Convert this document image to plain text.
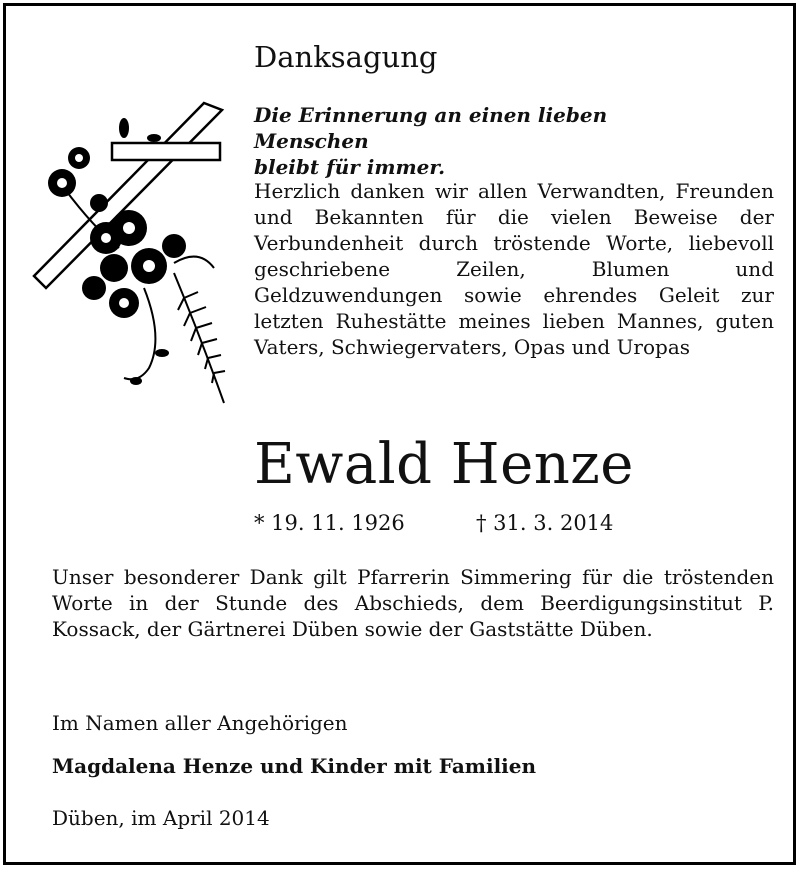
Danksagung
Die Erinnerung an einen lieben Menschen
bleibt für immer.
Herzlich danken wir allen Verwandten, Freunden und Bekannten für die vielen Beweise der Verbundenheit durch tröstende Worte, liebevoll geschriebene Zeilen, Blumen und Geldzuwendungen sowie ehrendes Geleit zur letzten Ruhestätte meines lieben Mannes, guten Vaters, Schwiegervaters, Opas und Uropas
Ewald Henze
* 19. 11. 1926	† 31. 3. 2014
Unser besonderer Dank gilt Pfarrerin Simmering für die tröstenden Worte in der Stunde des Abschieds, dem Beerdigungsinstitut P. Kossack, der Gärtnerei Düben sowie der Gaststätte Düben.
Im Namen aller Angehörigen
Magdalena Henze und Kinder mit Familien
Düben, im April 2014
